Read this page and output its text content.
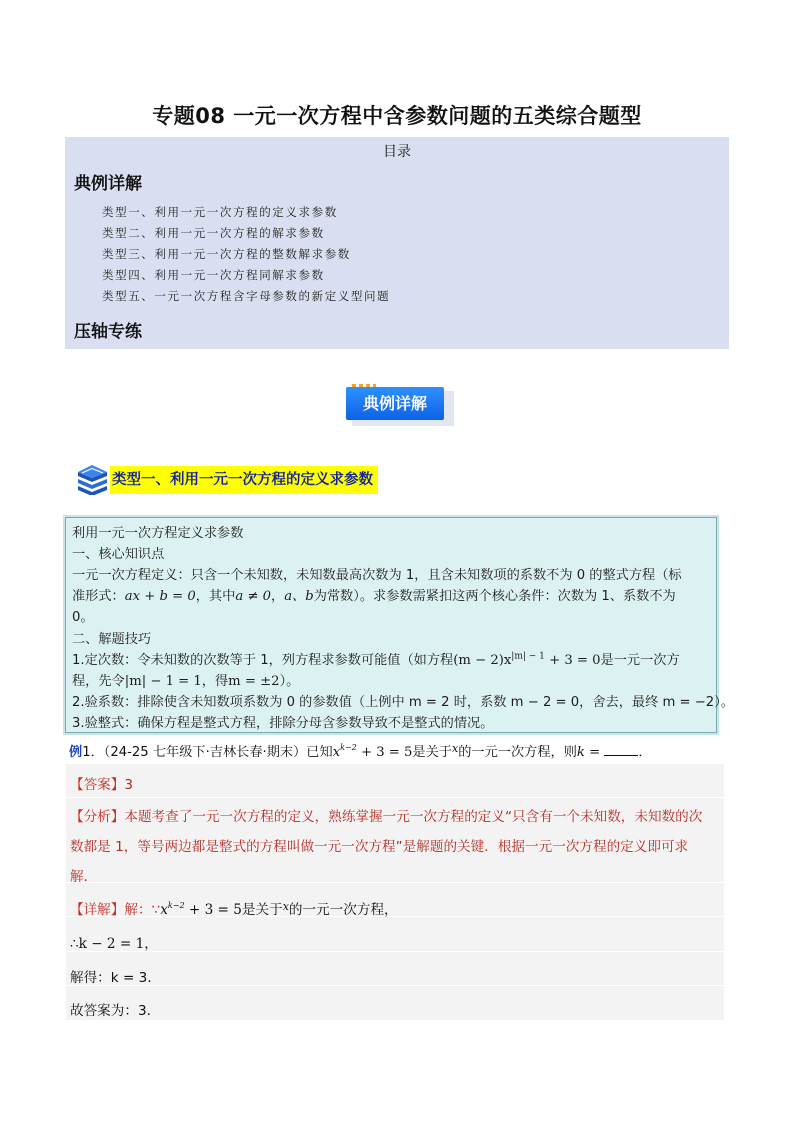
专题08 一元一次方程中含参数问题的五类综合题型
目录
典例详解
类型一、利用一元一次方程的定义求参数
类型二、利用一元一次方程的解求参数
类型三、利用一元一次方程的整数解求参数
类型四、利用一元一次方程同解求参数
类型五、一元一次方程含字母参数的新定义型问题
压轴专练
典例详解
类型一、利用一元一次方程的定义求参数
利用一元一次方程定义求参数
一、核心知识点
一元一次方程定义：只含一个未知数，未知数最高次数为 1，且含未知数项的系数不为 0 的整式方程（标
准形式：ax + b = 0，其中a ≠ 0，a、b为常数）。求参数需紧扣这两个核心条件：次数为 1、系数不为
0。
二、解题技巧
1.定次数：令未知数的次数等于 1，列方程求参数可能值（如方程$(m - 2)x^{|m| - 1} + 3 = 0$是一元一次方
程，先令|m| − 1 = 1，得m = ±2）。
2.验系数：排除使含未知数项系数为 0 的参数值（上例中 m = 2 时，系数 m − 2 = 0，舍去，最终 m = −2）。
3.验整式：确保方程是整式方程，排除分母含参数导致不是整式的情况。
例1．（24-25 七年级下·吉林长春·期末）已知$x^{k-2} + 3 = 5$是关于$^x$的一元一次方程，则k =	．
【答案】3
【分析】本题考查了一元一次方程的定义，熟练掌握一元一次方程的定义“只含有一个未知数，未知数的次
数都是 1，等号两边都是整式的方程叫做一元一次方程”是解题的关键．根据一元一次方程的定义即可求
解．
【详解】解：$\because x^{k-2} + 3 = 5$是关于$^x$的一元一次方程，
∴k − 2 = 1，
解得：k = 3．
故答案为：3．
